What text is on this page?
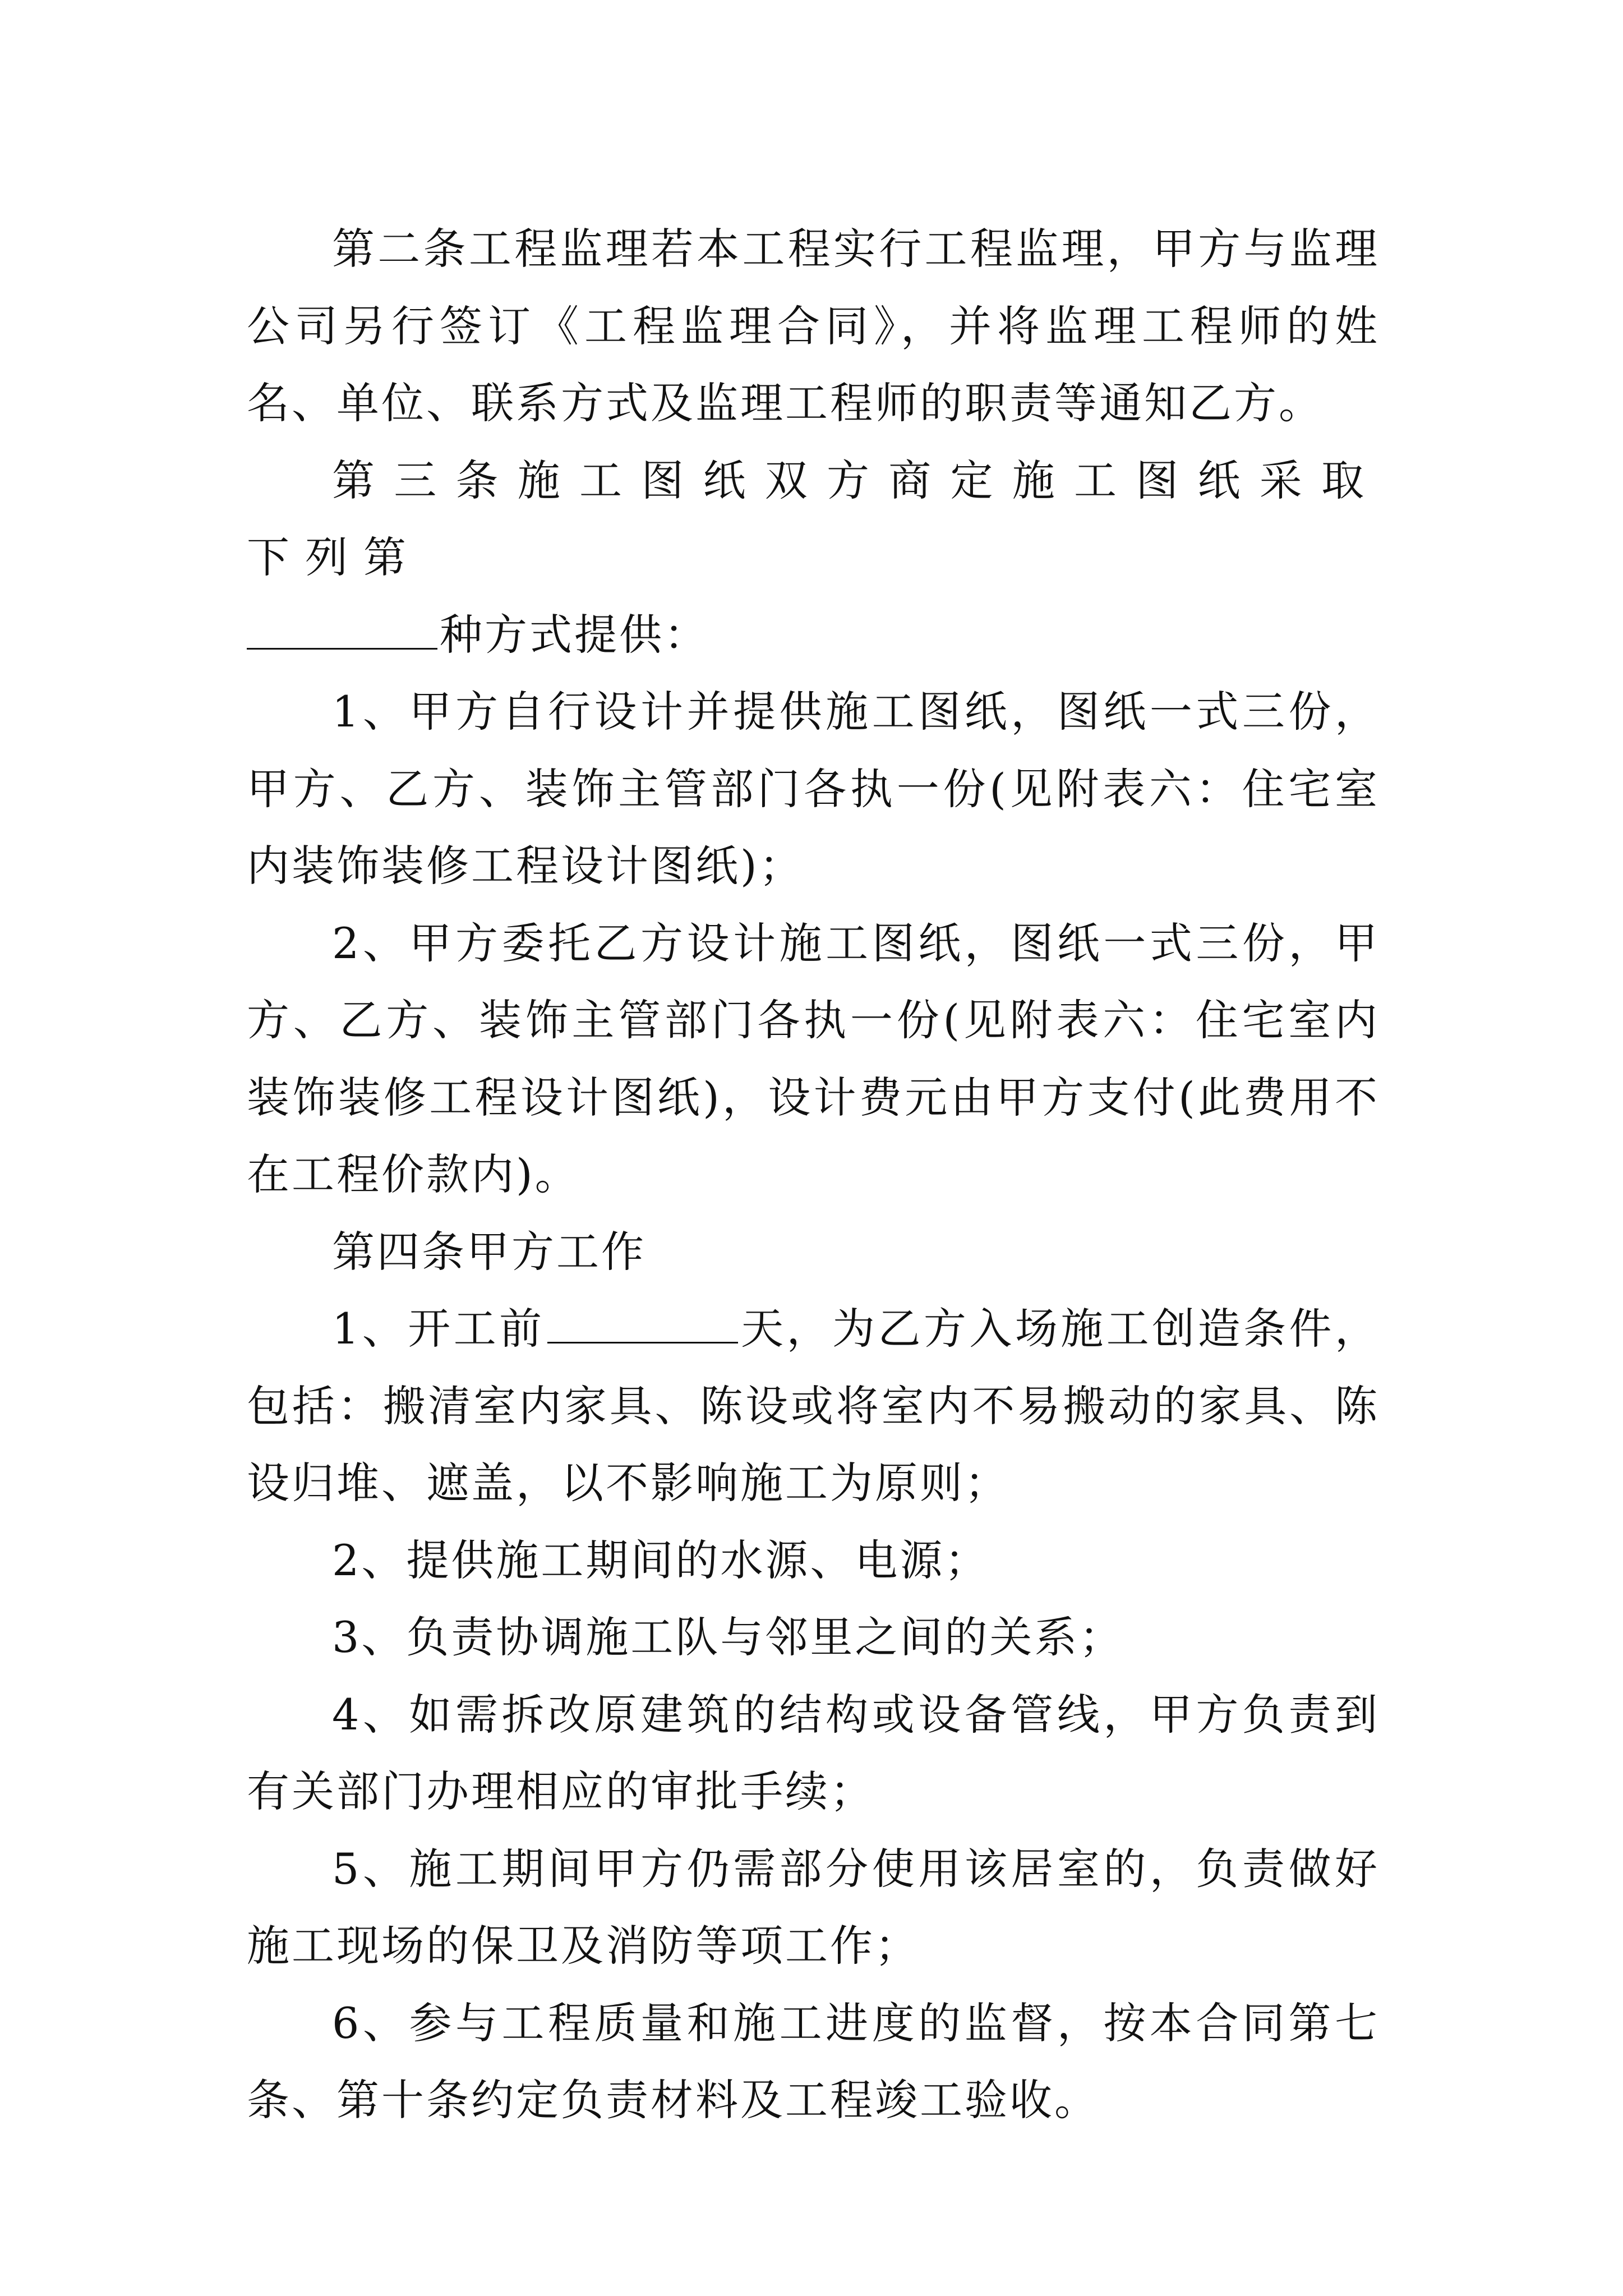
第二条工程监理若本工程实行工程监理，甲方与监理公司另行签订《工程监理合同》，并将监理工程师的姓名、单位、联系方式及监理工程师的职责等通知乙方。

第三条施工图纸双方商定施工图纸采取下列第

种方式提供：

1、甲方自行设计并提供施工图纸，图纸一式三份，甲方、乙方、装饰主管部门各执一份(见附表六：住宅室内装饰装修工程设计图纸)；

2、甲方委托乙方设计施工图纸，图纸一式三份，甲方、乙方、装饰主管部门各执一份(见附表六：住宅室内装饰装修工程设计图纸)，设计费元由甲方支付(此费用不在工程价款内)。

第四条甲方工作

1、开工前	天，为乙方入场施工创造条件，包括：搬清室内家具、陈设或将室内不易搬动的家具、陈设归堆、遮盖，以不影响施工为原则；

2、提供施工期间的水源、电源；

3、负责协调施工队与邻里之间的关系；

4、如需拆改原建筑的结构或设备管线，甲方负责到有关部门办理相应的审批手续；

5、施工期间甲方仍需部分使用该居室的，负责做好施工现场的保卫及消防等项工作；

6、参与工程质量和施工进度的监督，按本合同第七条、第十条约定负责材料及工程竣工验收。
